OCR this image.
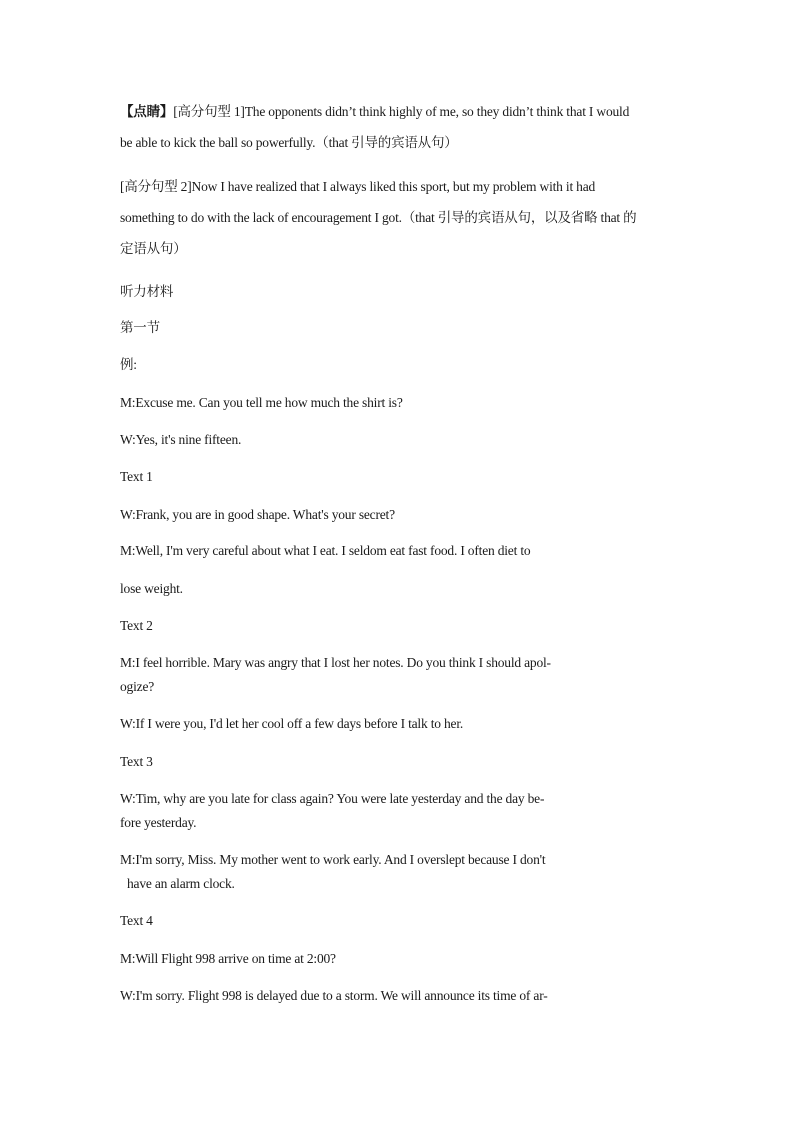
【点睛】[高分句型 1]The opponents didn’t think highly of me, so they didn’t think that I would

be able to kick the ball so powerfully.（that 引导的宾语从句）

[高分句型 2]Now I have realized that I always liked this sport, but my problem with it had

something to do with the lack of encouragement I got.（that 引导的宾语从句，以及省略 that 的

定语从句）

听力材料

第一节

例:

M:Excuse me. Can you tell me how much the shirt is?

W:Yes, it's nine fifteen.

Text 1

W:Frank, you are in good shape. What's your secret?

M:Well, I'm very careful about what I eat. I seldom eat fast food. I often diet to

lose weight.

Text 2

M:I feel horrible. Mary was angry that I lost her notes. Do you think I should apol-

ogize?

W:If I were you, I'd let her cool off a few days before I talk to her.

Text 3

W:Tim, why are you late for class again? You were late yesterday and the day be-

fore yesterday.

M:I'm sorry, Miss. My mother went to work early. And I overslept because I don't

have an alarm clock.

Text 4

M:Will Flight 998 arrive on time at 2:00?

W:I'm sorry. Flight 998 is delayed due to a storm. We will announce its time of ar-
